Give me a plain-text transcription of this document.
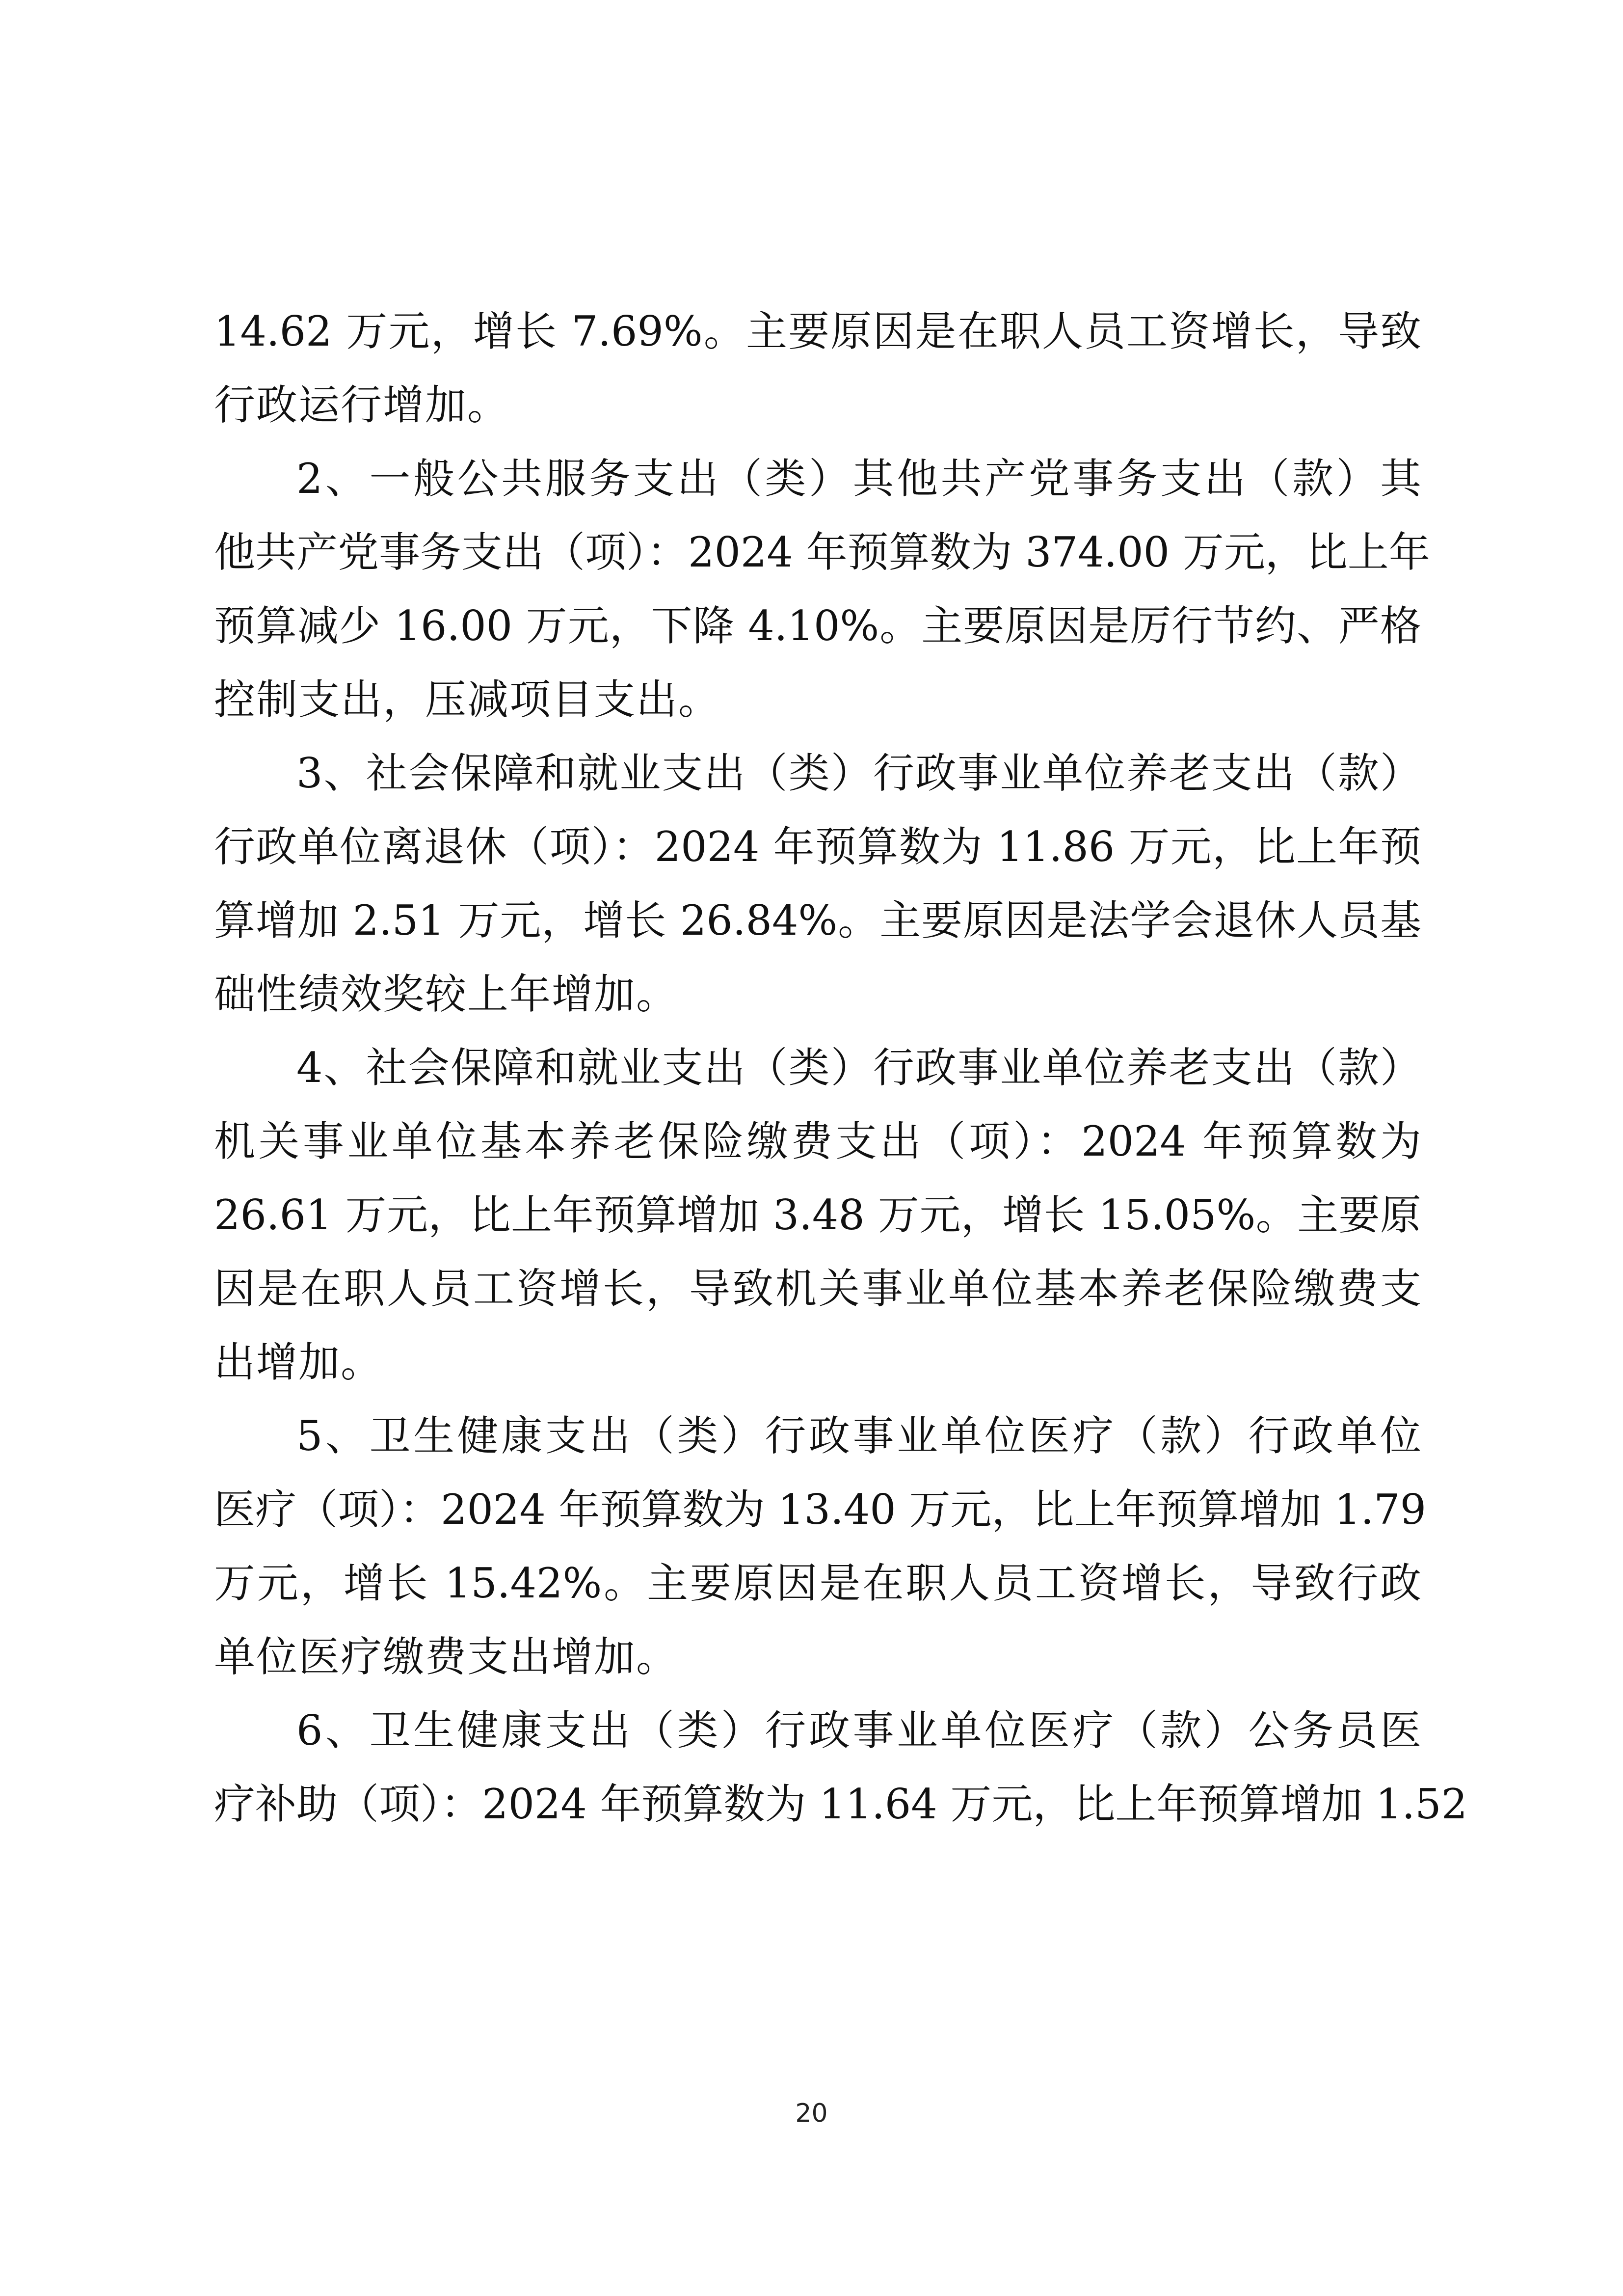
14.62 万元，增长 7.69%。主要原因是在职人员工资增长，导致
行政运行增加。
2、一般公共服务支出（类）其他共产党事务支出（款）其
他共产党事务支出（项）：2024 年预算数为 374.00 万元，比上年
预算减少 16.00 万元，下降 4.10%。主要原因是厉行节约、严格
控制支出，压减项目支出。
3、社会保障和就业支出（类）行政事业单位养老支出（款）
行政单位离退休（项）：2024 年预算数为 11.86 万元，比上年预
算增加 2.51 万元，增长 26.84%。主要原因是法学会退休人员基
础性绩效奖较上年增加。
4、社会保障和就业支出（类）行政事业单位养老支出（款）
机关事业单位基本养老保险缴费支出（项）：2024 年预算数为
26.61 万元，比上年预算增加 3.48 万元，增长 15.05%。主要原
因是在职人员工资增长，导致机关事业单位基本养老保险缴费支
出增加。
5、卫生健康支出（类）行政事业单位医疗（款）行政单位
医疗（项）：2024 年预算数为 13.40 万元，比上年预算增加 1.79
万元，增长 15.42%。主要原因是在职人员工资增长，导致行政
单位医疗缴费支出增加。
6、卫生健康支出（类）行政事业单位医疗（款）公务员医
疗补助（项）：2024 年预算数为 11.64 万元，比上年预算增加 1.52
20
